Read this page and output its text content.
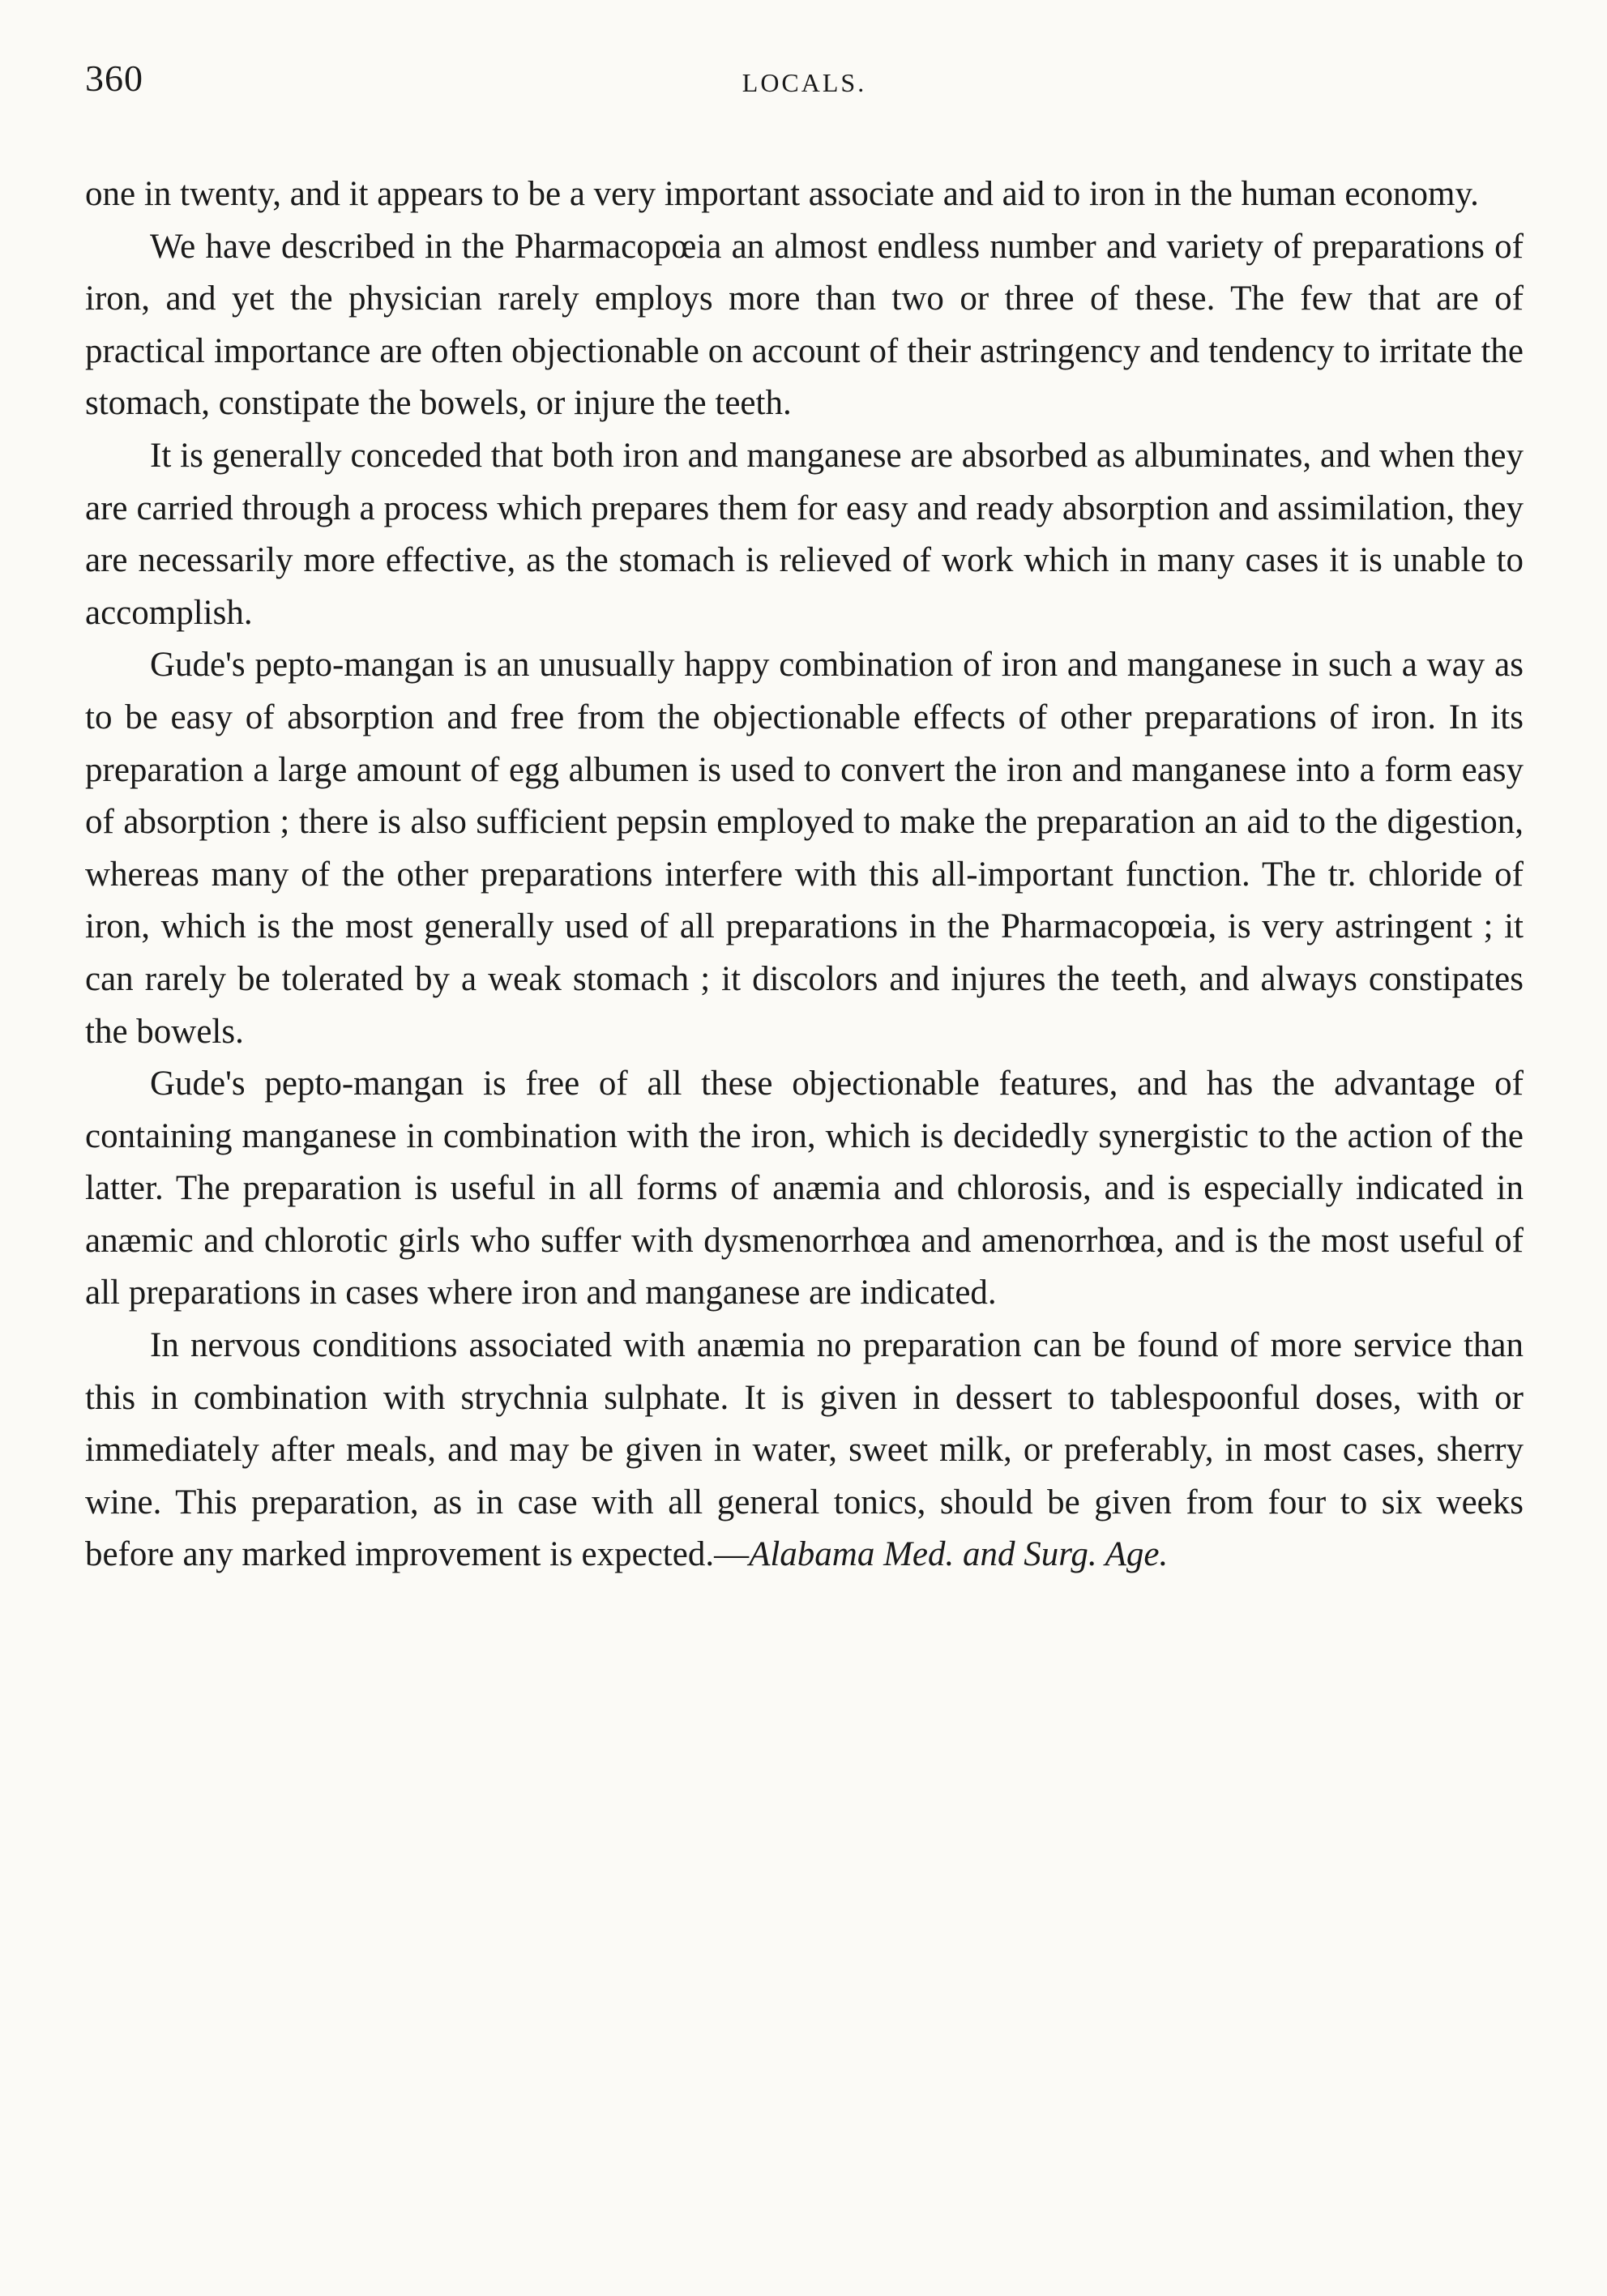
360	LOCALS.

one in twenty, and it appears to be a very important associate and aid to iron in the human economy.

We have described in the Pharmacopœia an almost endless number and variety of preparations of iron, and yet the physician rarely employs more than two or three of these. The few that are of practical importance are often objectionable on account of their astringency and tendency to irritate the stomach, constipate the bowels, or injure the teeth.

It is generally conceded that both iron and manganese are absorbed as albuminates, and when they are carried through a process which prepares them for easy and ready absorption and assimilation, they are necessarily more effective, as the stomach is relieved of work which in many cases it is unable to accomplish.

Gude's pepto-mangan is an unusually happy combination of iron and manganese in such a way as to be easy of absorption and free from the objectionable effects of other preparations of iron. In its preparation a large amount of egg albumen is used to convert the iron and manganese into a form easy of absorption ; there is also sufficient pepsin employed to make the preparation an aid to the digestion, whereas many of the other preparations interfere with this all-important function. The tr. chloride of iron, which is the most generally used of all preparations in the Pharmacopœia, is very astringent ; it can rarely be tolerated by a weak stomach ; it discolors and injures the teeth, and always constipates the bowels.

Gude's pepto-mangan is free of all these objectionable features, and has the advantage of containing manganese in combination with the iron, which is decidedly synergistic to the action of the latter. The preparation is useful in all forms of anæmia and chlorosis, and is especially indicated in anæmic and chlorotic girls who suffer with dysmenorrhœa and amenorrhœa, and is the most useful of all preparations in cases where iron and manganese are indicated.

In nervous conditions associated with anæmia no preparation can be found of more service than this in combination with strychnia sulphate. It is given in dessert to tablespoonful doses, with or immediately after meals, and may be given in water, sweet milk, or preferably, in most cases, sherry wine. This preparation, as in case with all general tonics, should be given from four to six weeks before any marked improvement is expected.—Alabama Med. and Surg. Age.
